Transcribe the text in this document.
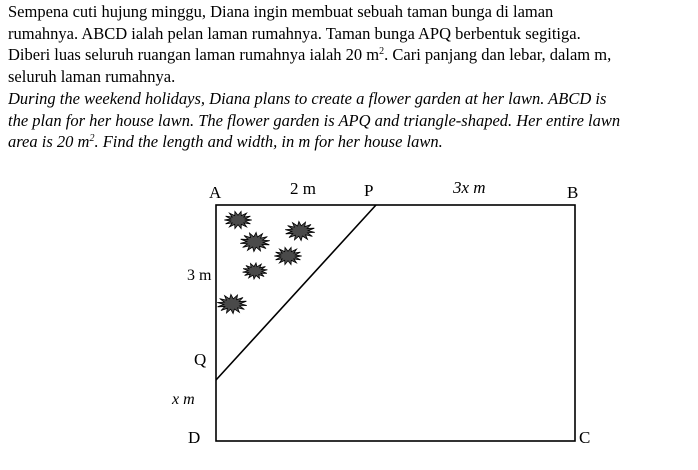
Sempena cuti hujung minggu, Diana ingin membuat sebuah taman bunga di laman
rumahnya. ABCD ialah pelan laman rumahnya. Taman bunga APQ berbentuk segitiga.
Diberi luas seluruh ruangan laman rumahnya ialah 20 $m^2$. Cari panjang dan lebar, dalam m,
seluruh laman rumahnya.
During the weekend holidays, Diana plans to create a flower garden at her lawn. ABCD is
the plan for her house lawn. The flower garden is APQ and triangle-shaped. Her entire lawn
area is 20 $m^2$. Find the length and width, in m for her house lawn.
A	2 m	P	3x m	B
3 m
Q
x m
D	C
